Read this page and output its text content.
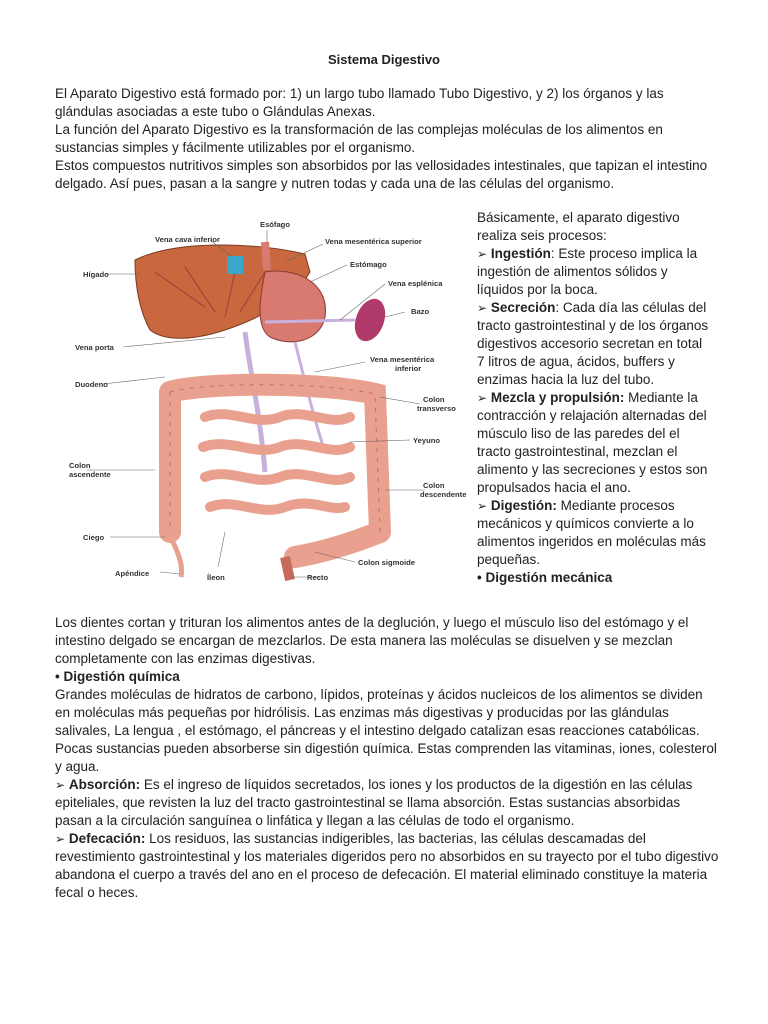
Sistema Digestivo
El Aparato Digestivo está formado por: 1) un largo tubo llamado Tubo Digestivo, y 2) los órganos y las glándulas asociadas a este tubo o Glándulas Anexas.
La función del Aparato Digestivo es la transformación de las complejas moléculas de los alimentos en sustancias simples y fácilmente utilizables por el organismo.
Estos compuestos nutritivos simples son absorbidos por las vellosidades intestinales, que tapizan el intestino delgado. Así pues, pasan a la sangre y nutren todas y cada una de las células del organismo.
Esófago
Vena cava inferior	Vena mesentérica superior
Estómago
Hígado
Vena esplénica
Bazo
Vena porta
Vena mesentérica
inferior
Duodeno
Colon
transverso
Yeyuno
Colon
ascendente
Colon
descendente
Ciego
Colon sigmoide
Apéndice	Íleon	Recto
Básicamente, el aparato digestivo realiza seis procesos:
➢ Ingestión: Este proceso implica la ingestión de alimentos sólidos y líquidos por la boca.
➢ Secreción: Cada día las células del tracto gastrointestinal y de los órganos digestivos accesorio secretan en total 7 litros de agua, ácidos, buffers y enzimas hacia la luz del tubo.
➢ Mezcla y propulsión: Mediante la contracción y relajación alternadas del músculo liso de las paredes del el tracto gastrointestinal, mezclan el alimento y las secreciones y estos son propulsados hacia el ano.
➢ Digestión: Mediante procesos mecánicos y químicos convierte a lo alimentos ingeridos en moléculas más pequeñas.
• Digestión mecánica
Los dientes cortan y trituran los alimentos antes de la deglución, y luego el músculo liso del estómago y el intestino delgado se encargan de mezclarlos. De esta manera las moléculas se disuelven y se mezclan completamente con las enzimas digestivas.
• Digestión química
Grandes moléculas de hidratos de carbono, lípidos, proteínas y ácidos nucleicos de los alimentos se dividen en moléculas más pequeñas por hidrólisis. Las enzimas más digestivas y producidas por las glándulas salivales, La lengua , el estómago, el páncreas y el intestino delgado catalizan esas reacciones catabólicas. Pocas sustancias pueden absorberse sin digestión química. Estas comprenden las vitaminas, iones, colesterol y agua.
➢ Absorción: Es el ingreso de líquidos secretados, los iones y los productos de la digestión en las células epiteliales, que revisten la luz del tracto gastrointestinal se llama absorción. Estas sustancias absorbidas pasan a la circulación sanguínea o linfática y llegan a las células de todo el organismo.
➢ Defecación: Los residuos, las sustancias indigeribles, las bacterias, las células descamadas del revestimiento gastrointestinal y los materiales digeridos pero no absorbidos en su trayecto por el tubo digestivo abandona el cuerpo a través del ano en el proceso de defecación. El material eliminado constituye la materia fecal o heces.
